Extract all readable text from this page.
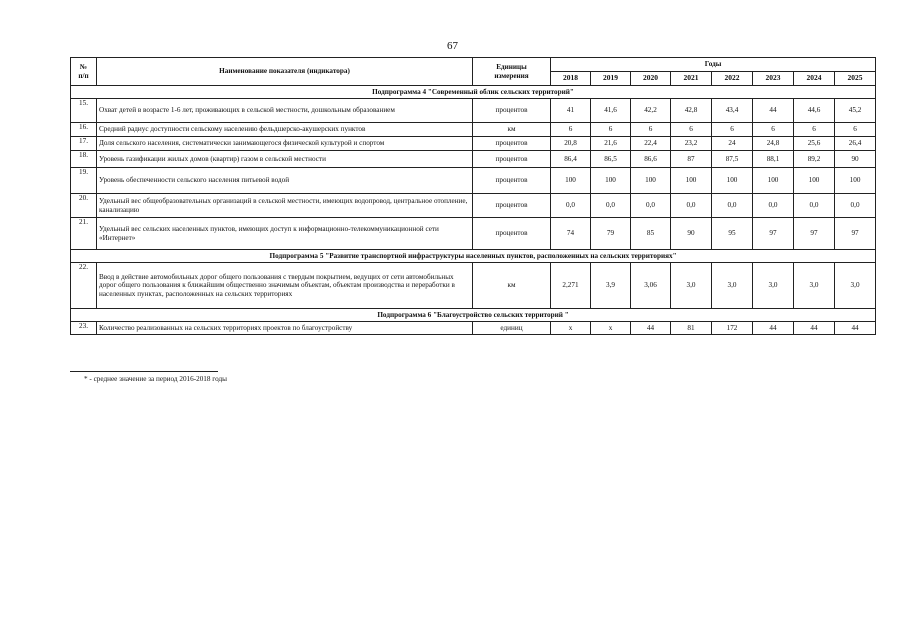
67
№
п/п	Наименование показателя (индикатора)	Единицы
измерения	Годы							
			2018	2019	2020	2021	2022	2023	2024	2025
Подпрограмма 4 "Современный облик сельских территорий"										
15.	Охват детей в возрасте 1-6 лет, проживающих в сельской местности, дошкольным образованием	процентов	41	41,6	42,2	42,8	43,4	44	44,6	45,2
16.	Средний радиус доступности сельскому населению фельдшерско-акушерских пунктов	км	6	6	6	6	6	6	6	6
17.	Доля сельского населения, систематически занимающегося физической культурой и спортом	процентов	20,8	21,6	22,4	23,2	24	24,8	25,6	26,4
18.	Уровень газификации жилых домов (квартир) газом в сельской местности	процентов	86,4	86,5	86,6	87	87,5	88,1	89,2	90
19.	Уровень обеспеченности сельского населения питьевой водой	процентов	100	100	100	100	100	100	100	100
20.	Удельный вес общеобразовательных организаций в сельской местности, имеющих водопровод, центральное отопление, канализацию	процентов	0,0	0,0	0,0	0,0	0,0	0,0	0,0	0,0
21.	Удельный вес сельских населенных пунктов, имеющих доступ к информационно-телекоммуникационной сети «Интернет»	процентов	74	79	85	90	95	97	97	97
Подпрограмма 5 "Развитие транспортной инфраструктуры населенных пунктов, расположенных на сельских территориях"										
22.	Ввод в действие автомобильных дорог общего пользования с твердым покрытием, ведущих от сети автомобильных дорог общего пользования к ближайшим общественно значимым объектам, объектам производства и переработки в населенных пунктах, расположенных на сельских территориях	км	2,271	3,9	3,06	3,0	3,0	3,0	3,0	3,0
Подпрограмма 6 "Благоустройство сельских территорий "										
23.	Количество реализованных на сельских территориях проектов по благоустройству	единиц	x	x	44	81	172	44	44	44
* - среднее значение за период 2016-2018 годы
